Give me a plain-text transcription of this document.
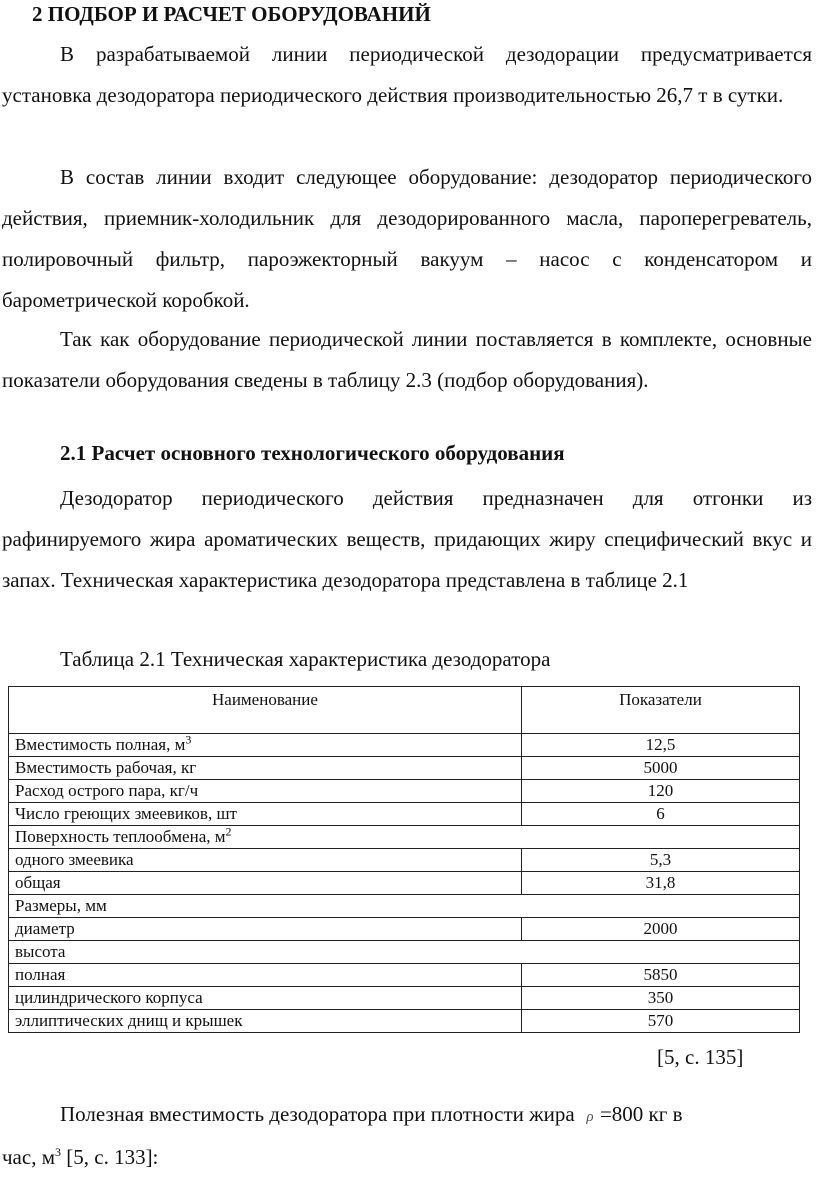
2 ПОДБОР И РАСЧЕТ ОБОРУДОВАНИЙ

В разрабатываемой линии периодической дезодорации предусматривается установка дезодоратора периодического действия производительностью 26,7 т в сутки.

В состав линии входит следующее оборудование: дезодоратор периодического действия, приемник-холодильник для дезодорированного масла, пароперегреватель, полировочный фильтр, пароэжекторный вакуум – насос с конденсатором и барометрической коробкой.

Так как оборудование периодической линии поставляется в комплекте, основные показатели оборудования сведены в таблицу 2.3 (подбор оборудования).

2.1 Расчет основного технологического оборудования

Дезодоратор периодического действия предназначен для отгонки из рафинируемого жира ароматических веществ, придающих жиру специфический вкус и запах. Техническая характеристика дезодоратора представлена в таблице 2.1

Таблица 2.1 Техническая характеристика дезодоратора
Наименование	Показатели
Вместимость полная, $м^3$	12,5
Вместимость рабочая, кг	5000
Расход острого пара, кг/ч	120
Число греющих змеевиков, шт	6
Поверхность теплообмена, $м^2$	
одного змеевика	5,3
общая	31,8
Размеры, мм	
диаметр	2000
высота	
полная	5850
цилиндрического корпуса	350
эллиптических днищ и крышек	570
[5, с. 135]
Полезная вместимость дезодоратора при плотности жира ρ =800 кг в
час, $м^3$ [5, с. 133]:
